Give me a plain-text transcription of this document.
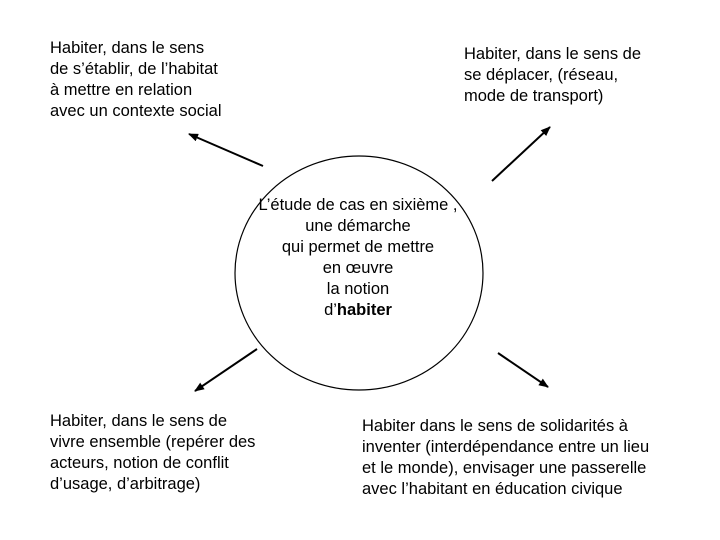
Habiter, dans le sens
de s’établir, de l’habitat
à mettre en relation
avec un contexte social
Habiter, dans le sens de
se déplacer, (réseau,
mode de transport)
L’étude de cas en sixième ,
une démarche
qui permet de mettre
en œuvre
la notion
d’habiter
Habiter, dans le sens de
vivre ensemble (repérer des
acteurs, notion de conflit
d’usage, d’arbitrage)
Habiter dans le sens de solidarités à
inventer (interdépendance entre un lieu
et le monde), envisager une passerelle
avec l’habitant en éducation civique
